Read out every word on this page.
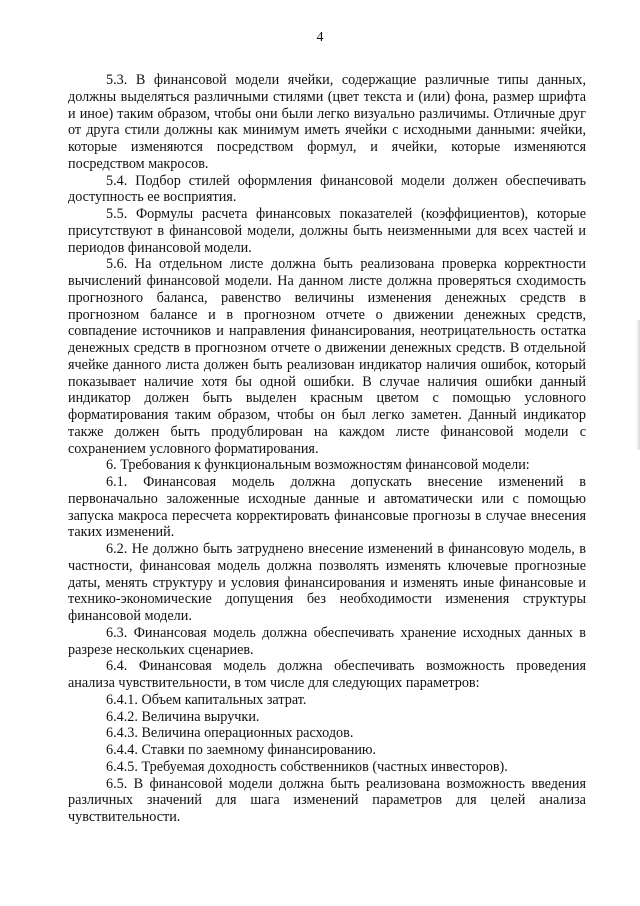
4

5.3. В финансовой модели ячейки, содержащие различные типы данных, должны выделяться различными стилями (цвет текста и (или) фона, размер шрифта и иное) таким образом, чтобы они были легко визуально различимы. Отличные друг от друга стили должны как минимум иметь ячейки с исходными данными: ячейки, которые изменяются посредством формул, и ячейки, которые изменяются посредством макросов.

5.4. Подбор стилей оформления финансовой модели должен обеспечивать доступность ее восприятия.

5.5. Формулы расчета финансовых показателей (коэффициентов), которые присутствуют в финансовой модели, должны быть неизменными для всех частей и периодов финансовой модели.

5.6. На отдельном листе должна быть реализована проверка корректности вычислений финансовой модели. На данном листе должна проверяться сходимость прогнозного баланса, равенство величины изменения денежных средств в прогнозном балансе и в прогнозном отчете о движении денежных средств, совпадение источников и направления финансирования, неотрицательность остатка денежных средств в прогнозном отчете о движении денежных средств. В отдельной ячейке данного листа должен быть реализован индикатор наличия ошибок, который показывает наличие хотя бы одной ошибки. В случае наличия ошибки данный индикатор должен быть выделен красным цветом с помощью условного форматирования таким образом, чтобы он был легко заметен. Данный индикатор также должен быть продублирован на каждом листе финансовой модели с сохранением условного форматирования.

6. Требования к функциональным возможностям финансовой модели:

6.1. Финансовая модель должна допускать внесение изменений в первоначально заложенные исходные данные и автоматически или с помощью запуска макроса пересчета корректировать финансовые прогнозы в случае внесения таких изменений.

6.2. Не должно быть затруднено внесение изменений в финансовую модель, в частности, финансовая модель должна позволять изменять ключевые прогнозные даты, менять структуру и условия финансирования и изменять иные финансовые и технико-экономические допущения без необходимости изменения структуры финансовой модели.

6.3. Финансовая модель должна обеспечивать хранение исходных данных в разрезе нескольких сценариев.

6.4. Финансовая модель должна обеспечивать возможность проведения анализа чувствительности, в том числе для следующих параметров:

6.4.1. Объем капитальных затрат.

6.4.2. Величина выручки.

6.4.3. Величина операционных расходов.

6.4.4. Ставки по заемному финансированию.

6.4.5. Требуемая доходность собственников (частных инвесторов).

6.5. В финансовой модели должна быть реализована возможность введения различных значений для шага изменений параметров для целей анализа чувствительности.
